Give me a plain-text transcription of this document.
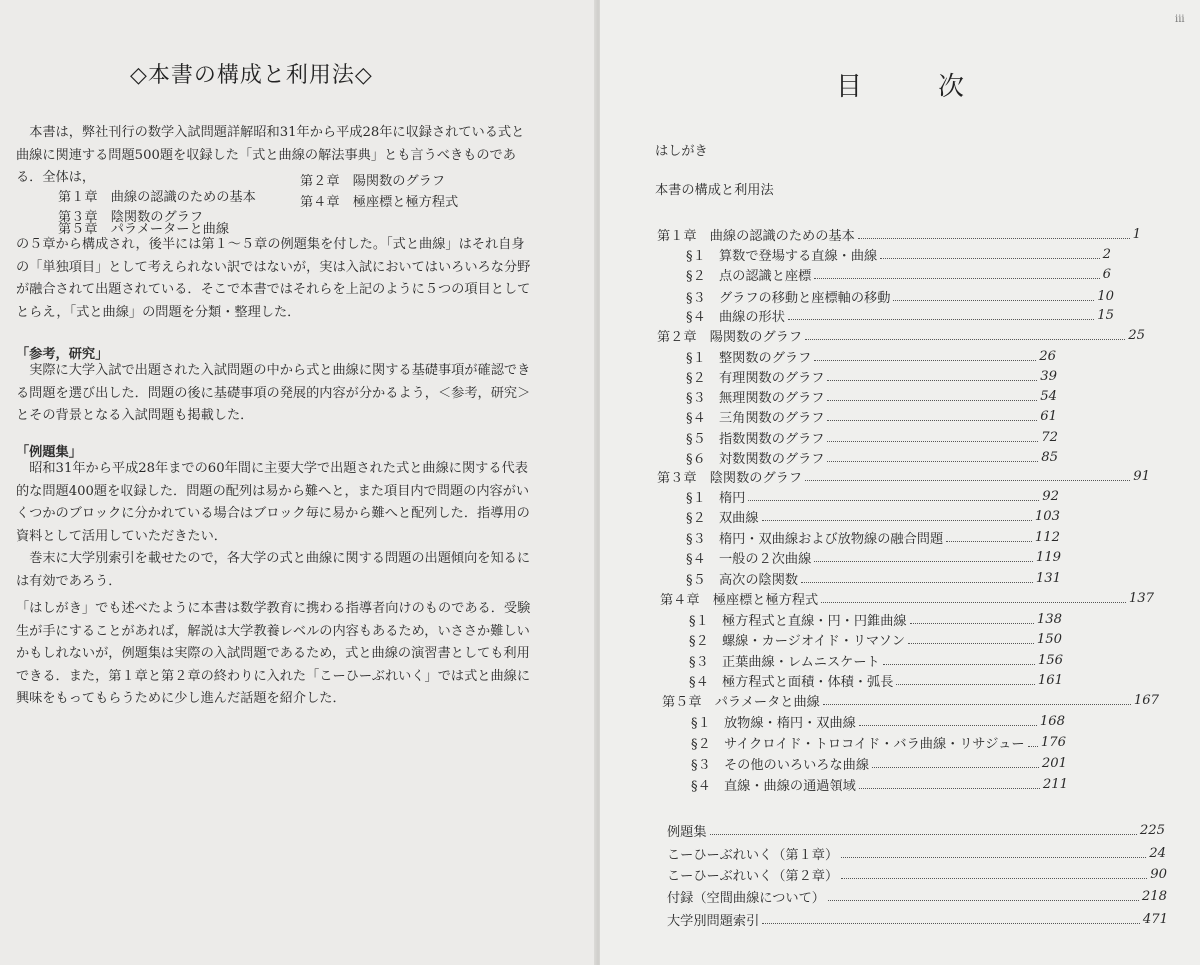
◇本書の構成と利用法◇

本書は，弊社刊行の数学入試問題詳解昭和31年から平成28年に収録されている式と曲線に関連する問題500題を収録した「式と曲線の解法事典」とも言うべきものである．全体は，

第１章　曲線の認識のための基本
第２章　陽関数のグラフ
第３章　陰関数のグラフ
第４章　極座標と極方程式
第５章　パラメーターと曲線

の５章から構成され，後半には第１～５章の例題集を付した。「式と曲線」はそれ自身の「単独項目」として考えられない訳ではないが，実は入試においてはいろいろな分野が融合されて出題されている．そこで本書ではそれらを上記のように５つの項目としてとらえ，「式と曲線」の問題を分類・整理した．

「参考，研究」

実際に大学入試で出題された入試問題の中から式と曲線に関する基礎事項が確認できる問題を選び出した．問題の後に基礎事項の発展的内容が分かるよう，＜参考，研究＞とその背景となる入試問題も掲載した．

「例題集」

昭和31年から平成28年までの60年間に主要大学で出題された式と曲線に関する代表的な問題400題を収録した．問題の配列は易から難へと，また項目内で問題の内容がいくつかのブロックに分かれている場合はブロック毎に易から難へと配列した．指導用の資料として活用していただきたい．

巻末に大学別索引を載せたので，各大学の式と曲線に関する問題の出題傾向を知るには有効であろう．

「はしがき」でも述べたように本書は数学教育に携わる指導者向けのものである．受験生が手にすることがあれば，解説は大学教養レベルの内容もあるため，いささか難しいかもしれないが，例題集は実際の入試問題であるため，式と曲線の演習書としても利用できる．また，第１章と第２章の終わりに入れた「こーひーぶれいく」では式と曲線に興味をもってもらうために少し進んだ話題を紹介した．

iii
目	次
はしがき
本書の構成と利用法
第１章　曲線の認識のための基本	1
§１　算数で登場する直線・曲線	2
§２　点の認識と座標	6
§３　グラフの移動と座標軸の移動	10
§４　曲線の形状	15
第２章　陽関数のグラフ	25
§１　整関数のグラフ	26
§２　有理関数のグラフ	39
§３　無理関数のグラフ	54
§４　三角関数のグラフ	61
§５　指数関数のグラフ	72
§６　対数関数のグラフ	85
第３章　陰関数のグラフ	91
§１　楕円	92
§２　双曲線	103
§３　楕円・双曲線および放物線の融合問題	112
§４　一般の２次曲線	119
§５　高次の陰関数	131
第４章　極座標と極方程式	137
§１　極方程式と直線・円・円錐曲線	138
§２　螺線・カージオイド・リマソン	150
§３　正葉曲線・レムニスケート	156
§４　極方程式と面積・体積・弧長	161
第５章　パラメータと曲線	167
§１　放物線・楕円・双曲線	168
§２　サイクロイド・トロコイド・バラ曲線・リサジュー 176
§３　その他のいろいろな曲線	201
§４　直線・曲線の通過領域	211
例題集	225
こーひーぶれいく（第１章）	24
こーひーぶれいく（第２章）	90
付録（空間曲線について）	218
大学別問題索引	471
